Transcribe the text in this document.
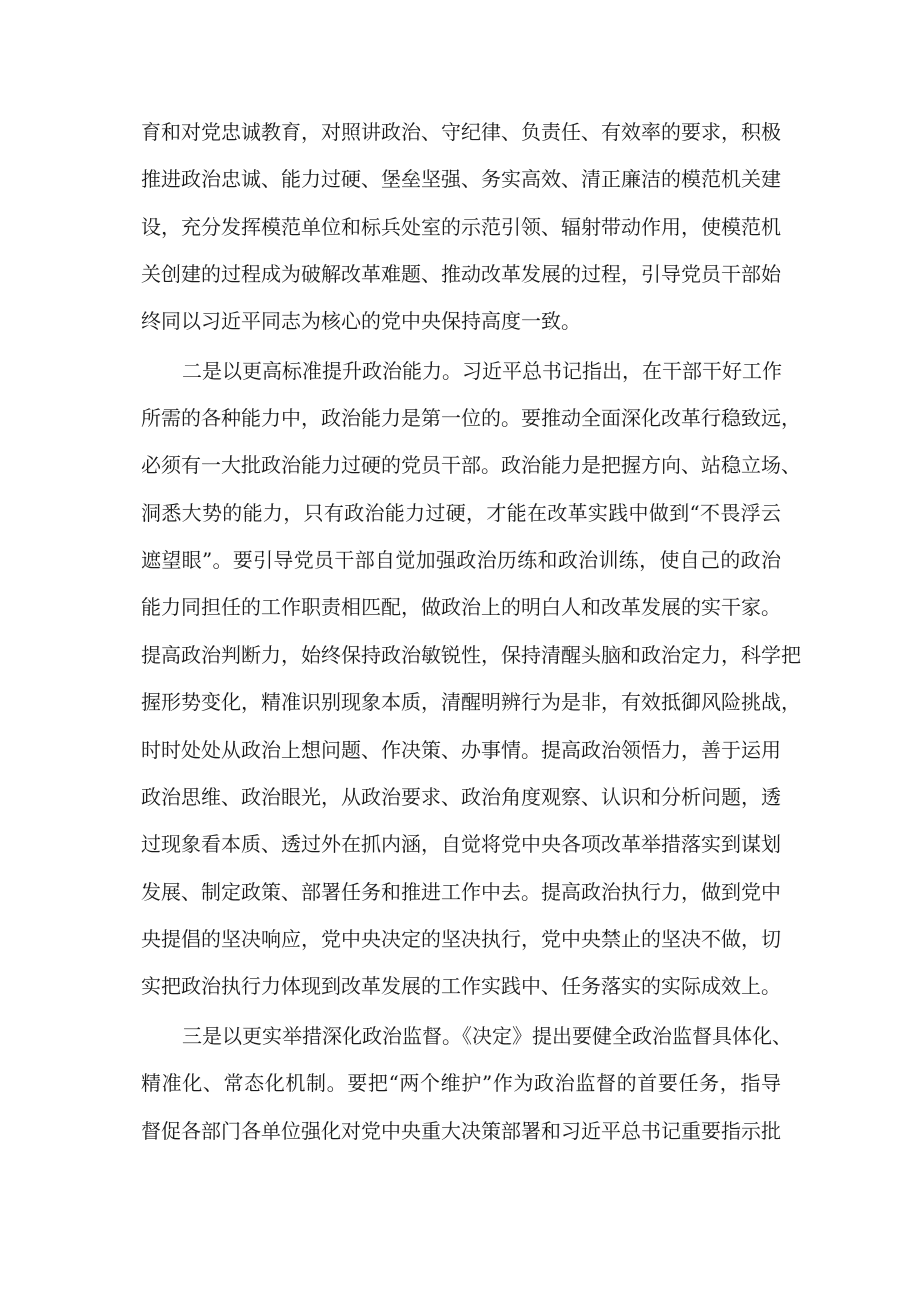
育和对党忠诚教育，对照讲政治、守纪律、负责任、有效率的要求，积极

推进政治忠诚、能力过硬、堡垒坚强、务实高效、清正廉洁的模范机关建

设，充分发挥模范单位和标兵处室的示范引领、辐射带动作用，使模范机

关创建的过程成为破解改革难题、推动改革发展的过程，引导党员干部始

终同以习近平同志为核心的党中央保持高度一致。

二是以更高标准提升政治能力。习近平总书记指出，在干部干好工作

所需的各种能力中，政治能力是第一位的。要推动全面深化改革行稳致远，

必须有一大批政治能力过硬的党员干部。政治能力是把握方向、站稳立场、

洞悉大势的能力，只有政治能力过硬，才能在改革实践中做到“不畏浮云

遮望眼”。要引导党员干部自觉加强政治历练和政治训练，使自己的政治

能力同担任的工作职责相匹配，做政治上的明白人和改革发展的实干家。

提高政治判断力，始终保持政治敏锐性，保持清醒头脑和政治定力，科学把

握形势变化，精准识别现象本质，清醒明辨行为是非，有效抵御风险挑战，

时时处处从政治上想问题、作决策、办事情。提高政治领悟力，善于运用

政治思维、政治眼光，从政治要求、政治角度观察、认识和分析问题，透

过现象看本质、透过外在抓内涵，自觉将党中央各项改革举措落实到谋划

发展、制定政策、部署任务和推进工作中去。提高政治执行力，做到党中

央提倡的坚决响应，党中央决定的坚决执行，党中央禁止的坚决不做，切

实把政治执行力体现到改革发展的工作实践中、任务落实的实际成效上。

三是以更实举措深化政治监督。《决定》提出要健全政治监督具体化、

精准化、常态化机制。要把“两个维护”作为政治监督的首要任务，指导

督促各部门各单位强化对党中央重大决策部署和习近平总书记重要指示批
